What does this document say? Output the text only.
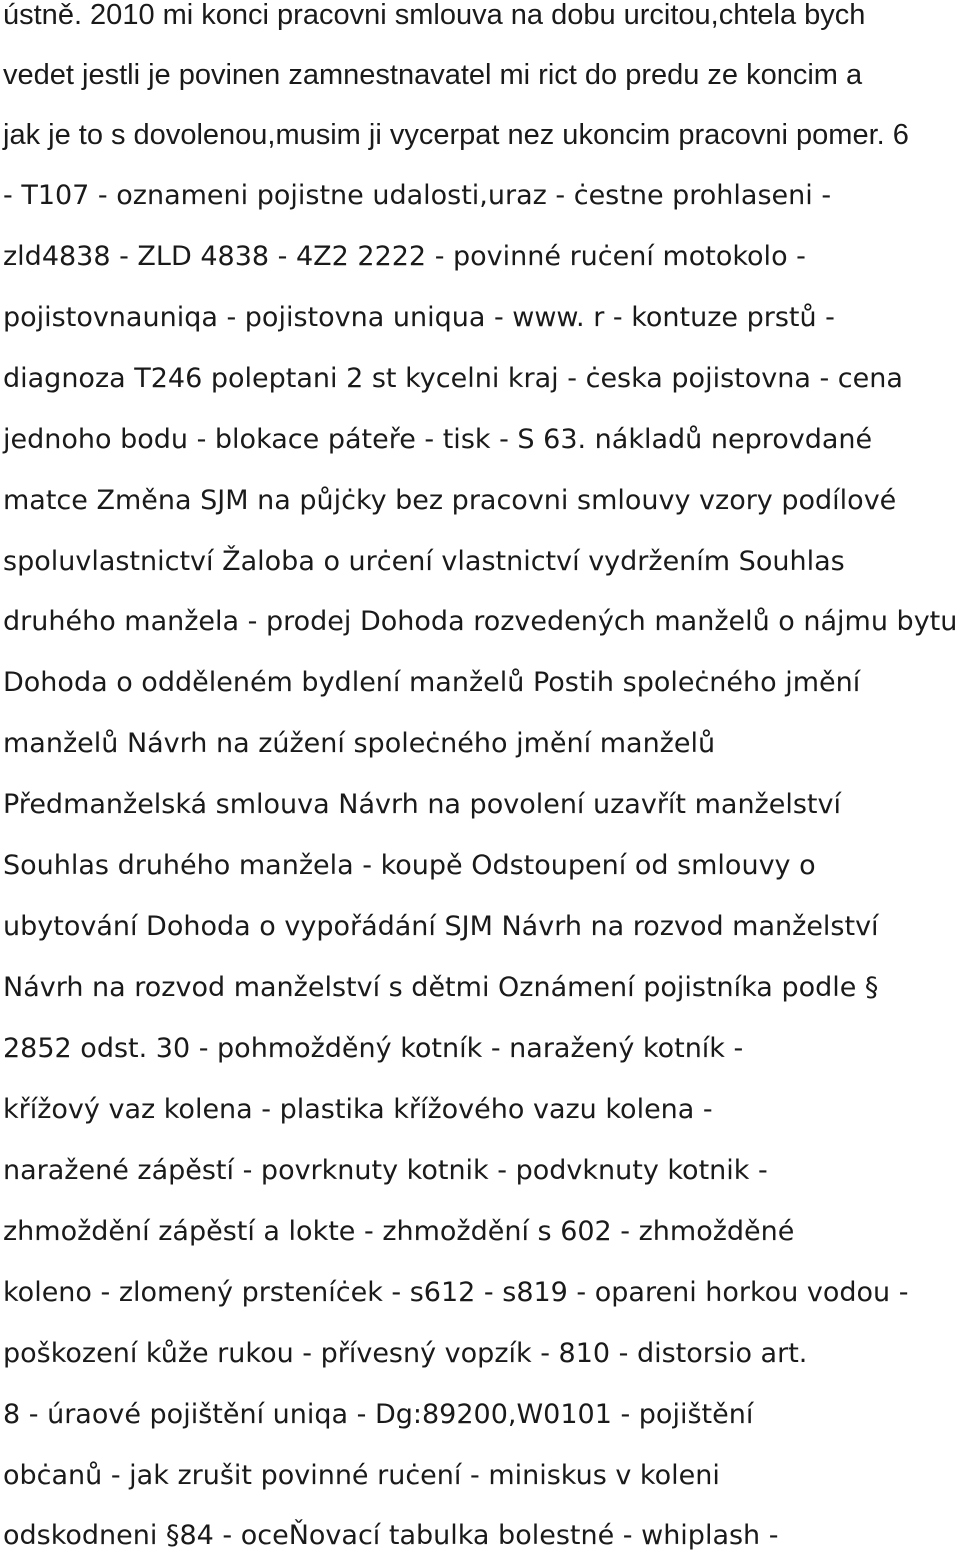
ústně. 2010 mi konci pracovni smlouva na dobu urcitou,chtela bych
vedet jestli je povinen zamnestnavatel mi rict do predu ze koncim a
jak je to s dovolenou,musim ji vycerpat nez ukoncim pracovni pomer. 6
- T107 - oznameni pojistne udalosti,uraz - ċestne prohlaseni -
zld4838 - ZLD 4838 - 4Z2 2222 - povinné ruċení motokolo -
pojistovnauniqa - pojistovna uniqua - www. r - kontuze prstů -
diagnoza T246 poleptani 2 st kycelni kraj - ċeska pojistovna - cena
jednoho bodu - blokace páteře - tisk - S 63. nákladů neprovdané
matce Změna SJM na půjċky bez pracovni smlouvy vzory podílové
spoluvlastnictví Žaloba o urċení vlastnictví vydržením Souhlas
druhého manžela - prodej Dohoda rozvedených manželů o nájmu bytu
Dohoda o odděleném bydlení manželů Postih spoleċného jmění
manželů Návrh na zúžení spoleċného jmění manželů
Předmanželská smlouva Návrh na povolení uzavřít manželství
Souhlas druhého manžela - koupě Odstoupení od smlouvy o
ubytování Dohoda o vypořádání SJM Návrh na rozvod manželství
Návrh na rozvod manželství s dětmi Oznámení pojistníka podle §
2852 odst. 30 - pohmožděný kotník - naražený kotník -
křížový vaz kolena - plastika křížového vazu kolena -
naražené zápěstí - povrknuty kotnik - podvknuty kotnik -
zhmoždění zápěstí a lokte - zhmoždění s 602 - zhmožděné
koleno - zlomený prsteníċek - s612 - s819 - opareni horkou vodou -
poškození kůže rukou - přívesný vopzík - 810 - distorsio art.
8 - úraové pojištění uniqa - Dg:89200,W0101 - pojištění
obċanů - jak zrušit povinné ruċení - miniskus v koleni
odskodneni §84 - oceŇovací tabulka bolestné - whiplash -
